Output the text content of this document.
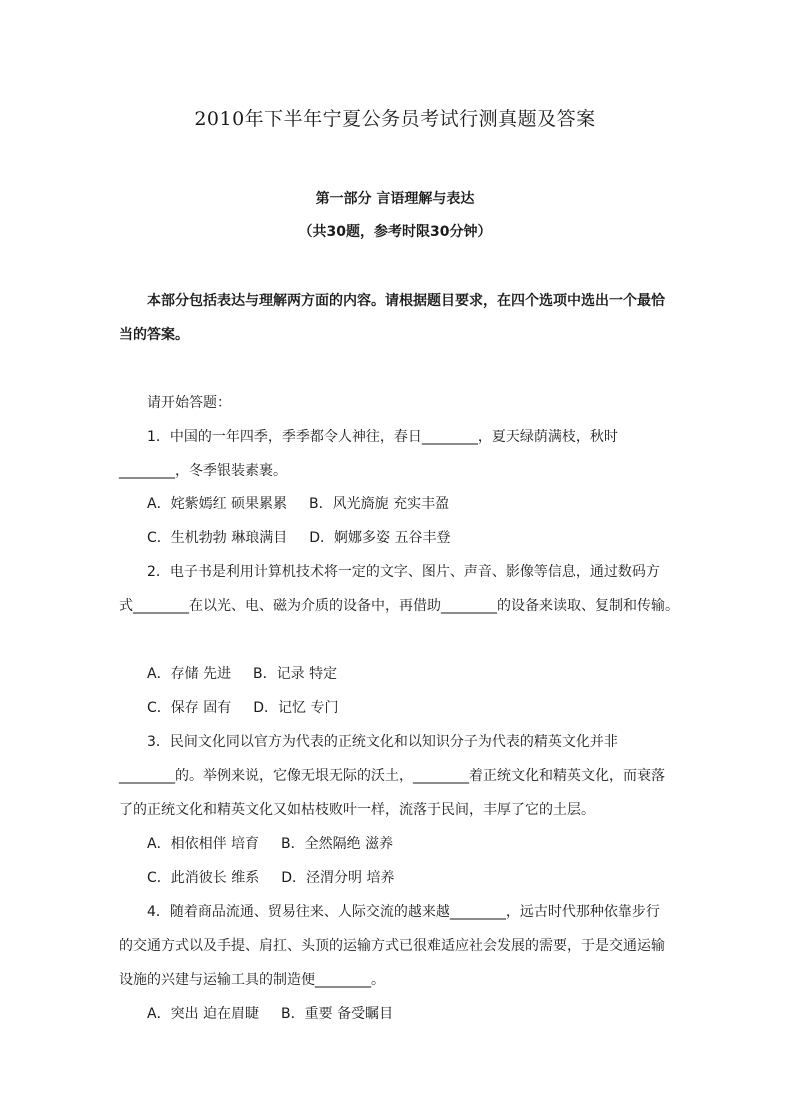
2010年下半年宁夏公务员考试行测真题及答案
第一部分 言语理解与表达
（共30题，参考时限30分钟）
本部分包括表达与理解两方面的内容。请根据题目要求，在四个选项中选出一个最恰当的答案。
请开始答题：
1．中国的一年四季，季季都令人神往，春日________，夏天绿荫满枝，秋时
________，冬季银装素裹。
A．姹紫嫣红 硕果累累 B．风光旖旎 充实丰盈
C．生机勃勃 琳琅满目 D．婀娜多姿 五谷丰登
2．电子书是利用计算机技术将一定的文字、图片、声音、影像等信息，通过数码方
式________在以光、电、磁为介质的设备中，再借助________的设备来读取、复制和传输。
A．存储 先进 B．记录 特定
C．保存 固有 D．记忆 专门
3．民间文化同以官方为代表的正统文化和以知识分子为代表的精英文化并非
________的。举例来说，它像无垠无际的沃土，________着正统文化和精英文化，而衰落
了的正统文化和精英文化又如枯枝败叶一样，流落于民间，丰厚了它的土层。
A．相依相伴 培育 B．全然隔绝 滋养
C．此消彼长 维系 D．泾渭分明 培养
4．随着商品流通、贸易往来、人际交流的越来越________，远古时代那种依靠步行
的交通方式以及手提、肩扛、头顶的运输方式已很难适应社会发展的需要，于是交通运输
设施的兴建与运输工具的制造便________。
A．突出 迫在眉睫 B．重要 备受瞩目
